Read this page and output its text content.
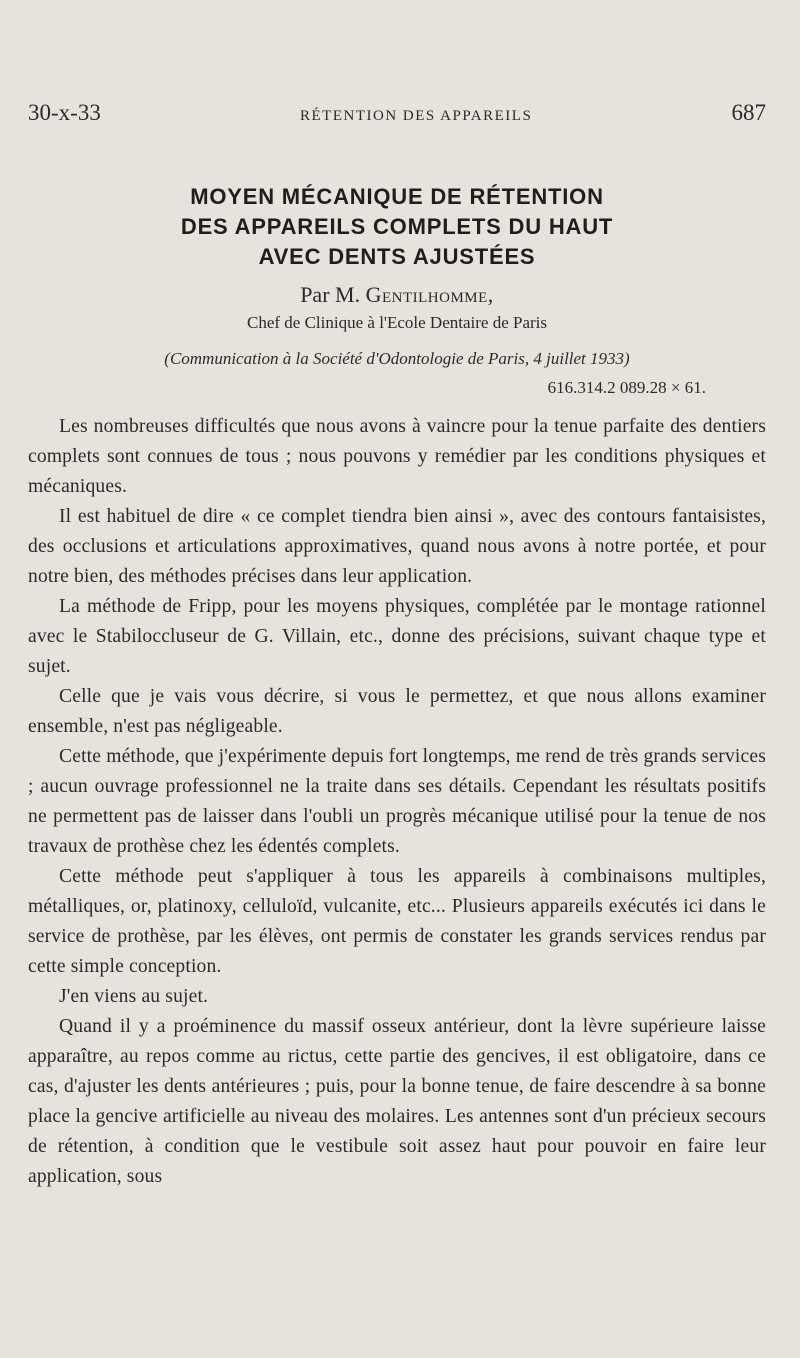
30-x-33	RÉTENTION DES APPAREILS	687
MOYEN MÉCANIQUE DE RÉTENTION
DES APPAREILS COMPLETS DU HAUT
AVEC DENTS AJUSTÉES
Par M. Gentilhomme,
Chef de Clinique à l'Ecole Dentaire de Paris
(Communication à la Société d'Odontologie de Paris, 4 juillet 1933)
616.314.2 089.28 × 61.

Les nombreuses difficultés que nous avons à vaincre pour la tenue parfaite des dentiers complets sont connues de tous ; nous pouvons y remédier par les conditions physiques et mécaniques.

Il est habituel de dire « ce complet tiendra bien ainsi », avec des contours fantaisistes, des occlusions et articulations approximatives, quand nous avons à notre portée, et pour notre bien, des méthodes précises dans leur application.

La méthode de Fripp, pour les moyens physiques, complétée par le montage rationnel avec le Stabiloccluseur de G. Villain, etc., donne des précisions, suivant chaque type et sujet.

Celle que je vais vous décrire, si vous le permettez, et que nous allons examiner ensemble, n'est pas négligeable.

Cette méthode, que j'expérimente depuis fort longtemps, me rend de très grands services ; aucun ouvrage professionnel ne la traite dans ses détails. Cependant les résultats positifs ne permettent pas de laisser dans l'oubli un progrès mécanique utilisé pour la tenue de nos travaux de prothèse chez les édentés complets.

Cette méthode peut s'appliquer à tous les appareils à combinaisons multiples, métalliques, or, platinoxy, celluloïd, vulcanite, etc... Plusieurs appareils exécutés ici dans le service de prothèse, par les élèves, ont permis de constater les grands services rendus par cette simple conception.

J'en viens au sujet.

Quand il y a proéminence du massif osseux antérieur, dont la lèvre supérieure laisse apparaître, au repos comme au rictus, cette partie des gencives, il est obligatoire, dans ce cas, d'ajuster les dents antérieures ; puis, pour la bonne tenue, de faire descendre à sa bonne place la gencive artificielle au niveau des molaires. Les antennes sont d'un précieux secours de rétention, à condition que le vestibule soit assez haut pour pouvoir en faire leur application, sous
